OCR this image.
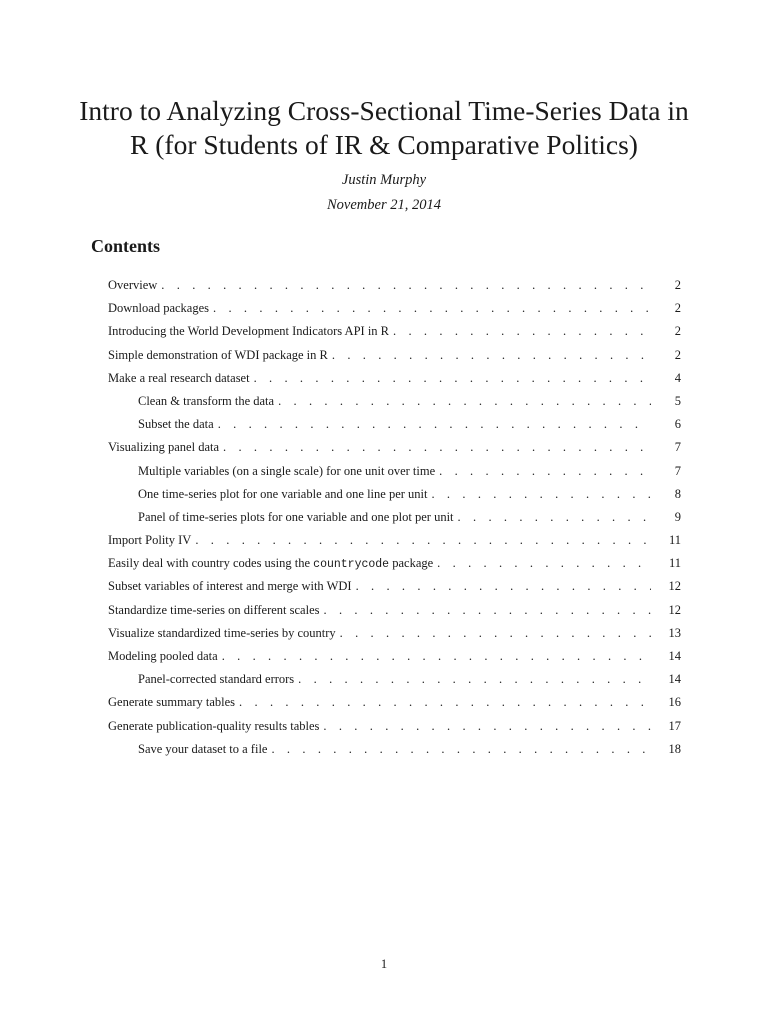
Intro to Analyzing Cross-Sectional Time-Series Data in
R (for Students of IR & Comparative Politics)
Justin Murphy
November 21, 2014
Contents
Overview . . .	2
Download packages . . .	2
Introducing the World Development Indicators API in R . . .	2
Simple demonstration of WDI package in R . . .	2
Make a real research dataset . . .	4
Clean & transform the data . . .	5
Subset the data . . .	6
Visualizing panel data . . .	7
Multiple variables (on a single scale) for one unit over time . . .	7
One time-series plot for one variable and one line per unit . . .	8
Panel of time-series plots for one variable and one plot per unit . . .	9
Import Polity IV . . .	11
Easily deal with country codes using the countrycode package . . .	11
Subset variables of interest and merge with WDI . . .	12
Standardize time-series on different scales . . .	12
Visualize standardized time-series by country . . .	13
Modeling pooled data . . .	14
Panel-corrected standard errors . . .	14
Generate summary tables . . .	16
Generate publication-quality results tables . . .	17
Save your dataset to a file . . .	18
1
